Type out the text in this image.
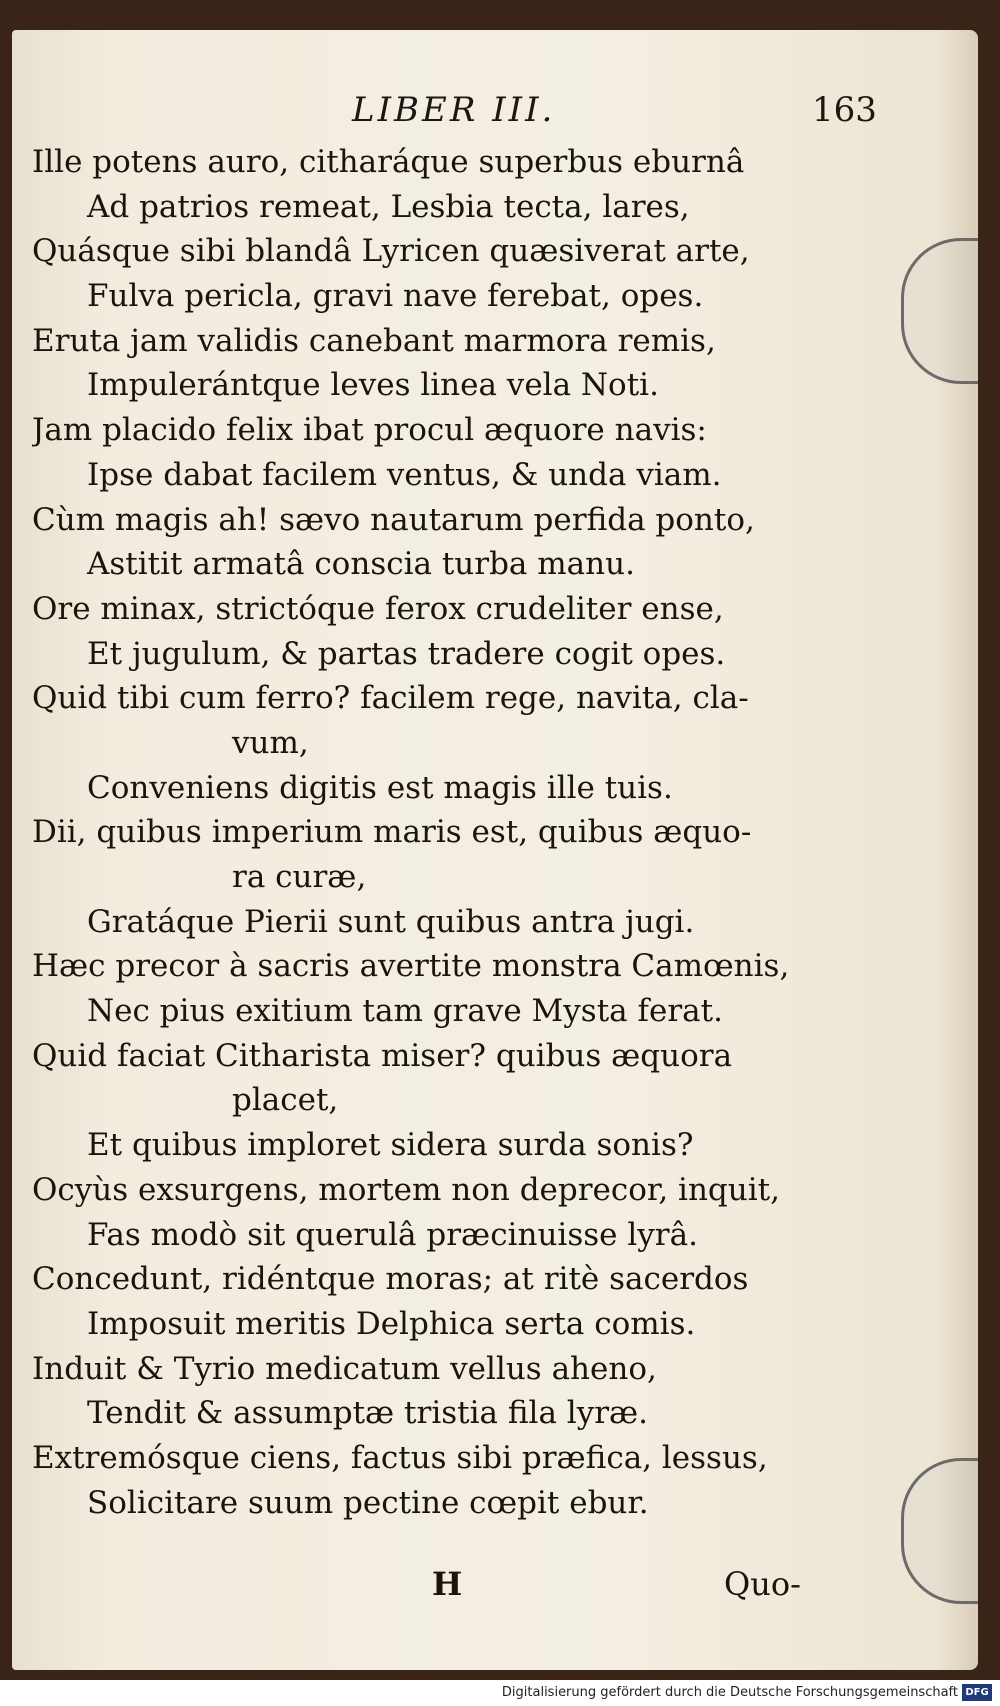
LIBER III.	163
Ille potens auro, citharáque superbus eburnâ
Ad patrios remeat, Lesbia tecta, lares,
Quásque sibi blandâ Lyricen quæsiverat arte,
Fulva pericla, gravi nave ferebat, opes.
Eruta jam validis canebant marmora remis,
Impulerántque leves linea vela Noti.
Jam placido felix ibat procul æquore navis:
Ipse dabat facilem ventus, & unda viam.
Cùm magis ah! sævo nautarum perfida ponto,
Astitit armatâ conscia turba manu.
Ore minax, strictóque ferox crudeliter ense,
Et jugulum, & partas tradere cogit opes.
Quid tibi cum ferro? facilem rege, navita, cla-
vum,
Conveniens digitis est magis ille tuis.
Dii, quibus imperium maris est, quibus æquo-
ra curæ,
Gratáque Pierii sunt quibus antra jugi.
Hæc precor à sacris avertite monstra Camœnis,
Nec pius exitium tam grave Mysta ferat.
Quid faciat Citharista miser? quibus æquora
placet,
Et quibus imploret sidera surda sonis?
Ocyùs exsurgens, mortem non deprecor, inquit,
Fas modò sit querulâ præcinuisse lyrâ.
Concedunt, ridéntque moras; at ritè sacerdos
Imposuit meritis Delphica serta comis.
Induit & Tyrio medicatum vellus aheno,
Tendit & assumptæ tristia fila lyræ.
Extremósque ciens, factus sibi præfica, lessus,
Solicitare suum pectine cœpit ebur.
H	Quo-
Digitalisierung gefördert durch die Deutsche Forschungsgemeinschaft DFG
